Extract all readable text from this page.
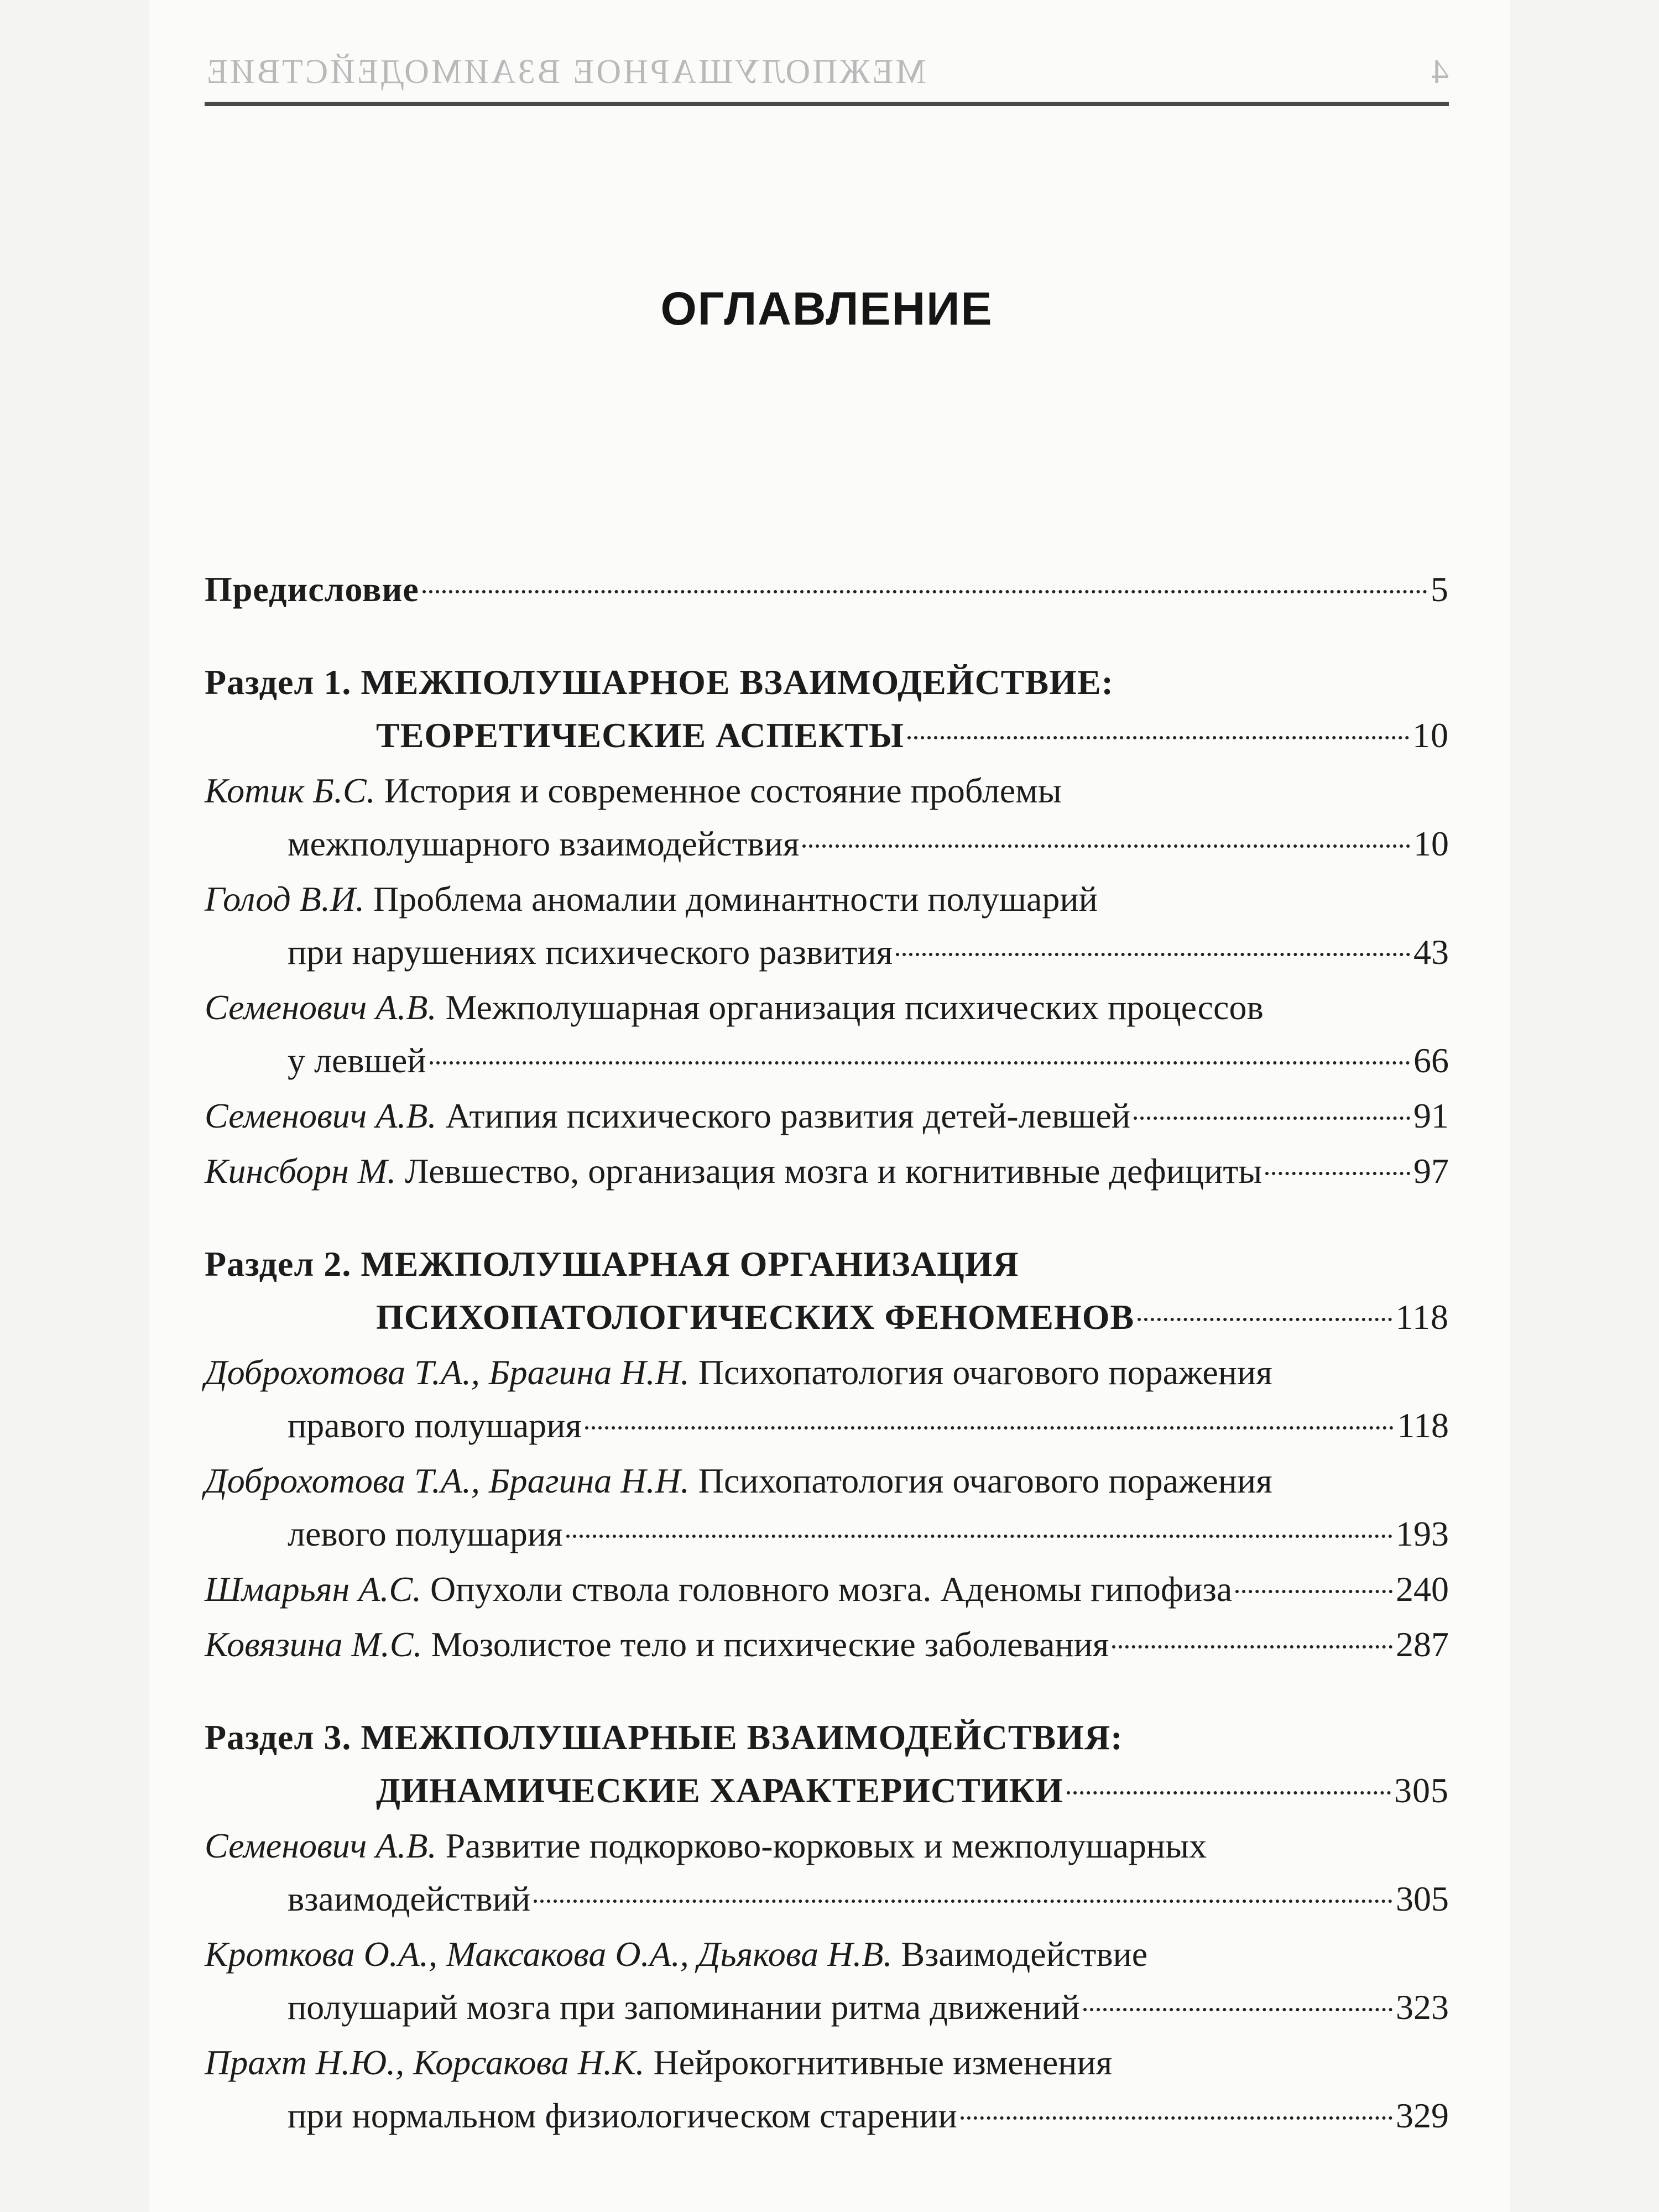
4
МЕЖПОЛУШАРНОЕ ВЗАИМОДЕЙСТВИЕ
ОГЛАВЛЕНИЕ
Предисловие	5
Раздел 1. МЕЖПОЛУШАРНОЕ ВЗАИМОДЕЙСТВИЕ:
ТЕОРЕТИЧЕСКИЕ АСПЕКТЫ	10
Котик Б.С.
История и современное состояние проблемы
межполушарного взаимодействия	10
Голод В.И.
Проблема аномалии доминантности полушарий
при нарушениях психического развития	43
Семенович А.В.
Межполушарная организация психических процессов
у левшей	66
Семенович А.В.
Атипия психического развития детей-левшей	91
Кинсборн М.
Левшество, организация мозга и когнитивные дефициты	97
Раздел 2. МЕЖПОЛУШАРНАЯ ОРГАНИЗАЦИЯ
ПСИХОПАТОЛОГИЧЕСКИХ ФЕНОМЕНОВ	118
Доброхотова Т.А., Брагина Н.Н.
Психопатология очагового поражения
правого полушария	118
Доброхотова Т.А., Брагина Н.Н.
Психопатология очагового поражения
левого полушария	193
Шмарьян А.С.
Опухоли ствола головного мозга. Аденомы гипофиза	240
Ковязина М.С.
Мозолистое тело и психические заболевания	287
Раздел 3. МЕЖПОЛУШАРНЫЕ ВЗАИМОДЕЙСТВИЯ:
ДИНАМИЧЕСКИЕ ХАРАКТЕРИСТИКИ	305
Семенович А.В.
Развитие подкорково-корковых и межполушарных
взаимодействий	305
Кроткова О.А., Максакова О.А., Дьякова Н.В.
Взаимодействие
полушарий мозга при запоминании ритма движений	323
Прахт Н.Ю., Корсакова Н.К.
Нейрокогнитивные изменения
при нормальном физиологическом старении	329
